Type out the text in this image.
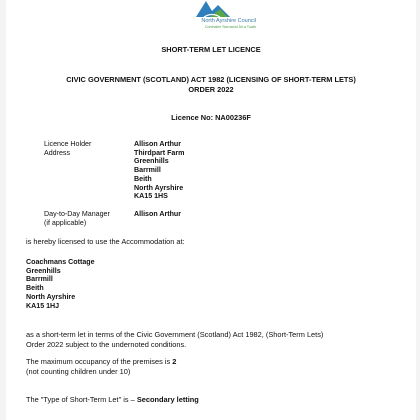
North Ayrshire Council
Comhairle Siorrachd Àir a Tuath
SHORT-TERM LET LICENCE
CIVIC GOVERNMENT (SCOTLAND) ACT 1982 (LICENSING OF SHORT-TERM LETS)
ORDER 2022
Licence No: NA00236F
Licence Holder
Address
Allison Arthur
Thirdpart Farm
Greenhills
Barrmill
Beith
North Ayrshire
KA15 1HS
Day-to-Day Manager
(if applicable)
Allison Arthur
is hereby licensed to use the Accommodation at:
Coachmans Cottage
Greenhills
Barrmill
Beith
North Ayrshire
KA15 1HJ
as a short-term let in terms of the Civic Government (Scotland) Act 1982, (Short-Term Lets)
Order 2022 subject to the undernoted conditions.
The maximum occupancy of the premises is 2
(not counting children under 10)
The "Type of Short-Term Let" is – Secondary letting
